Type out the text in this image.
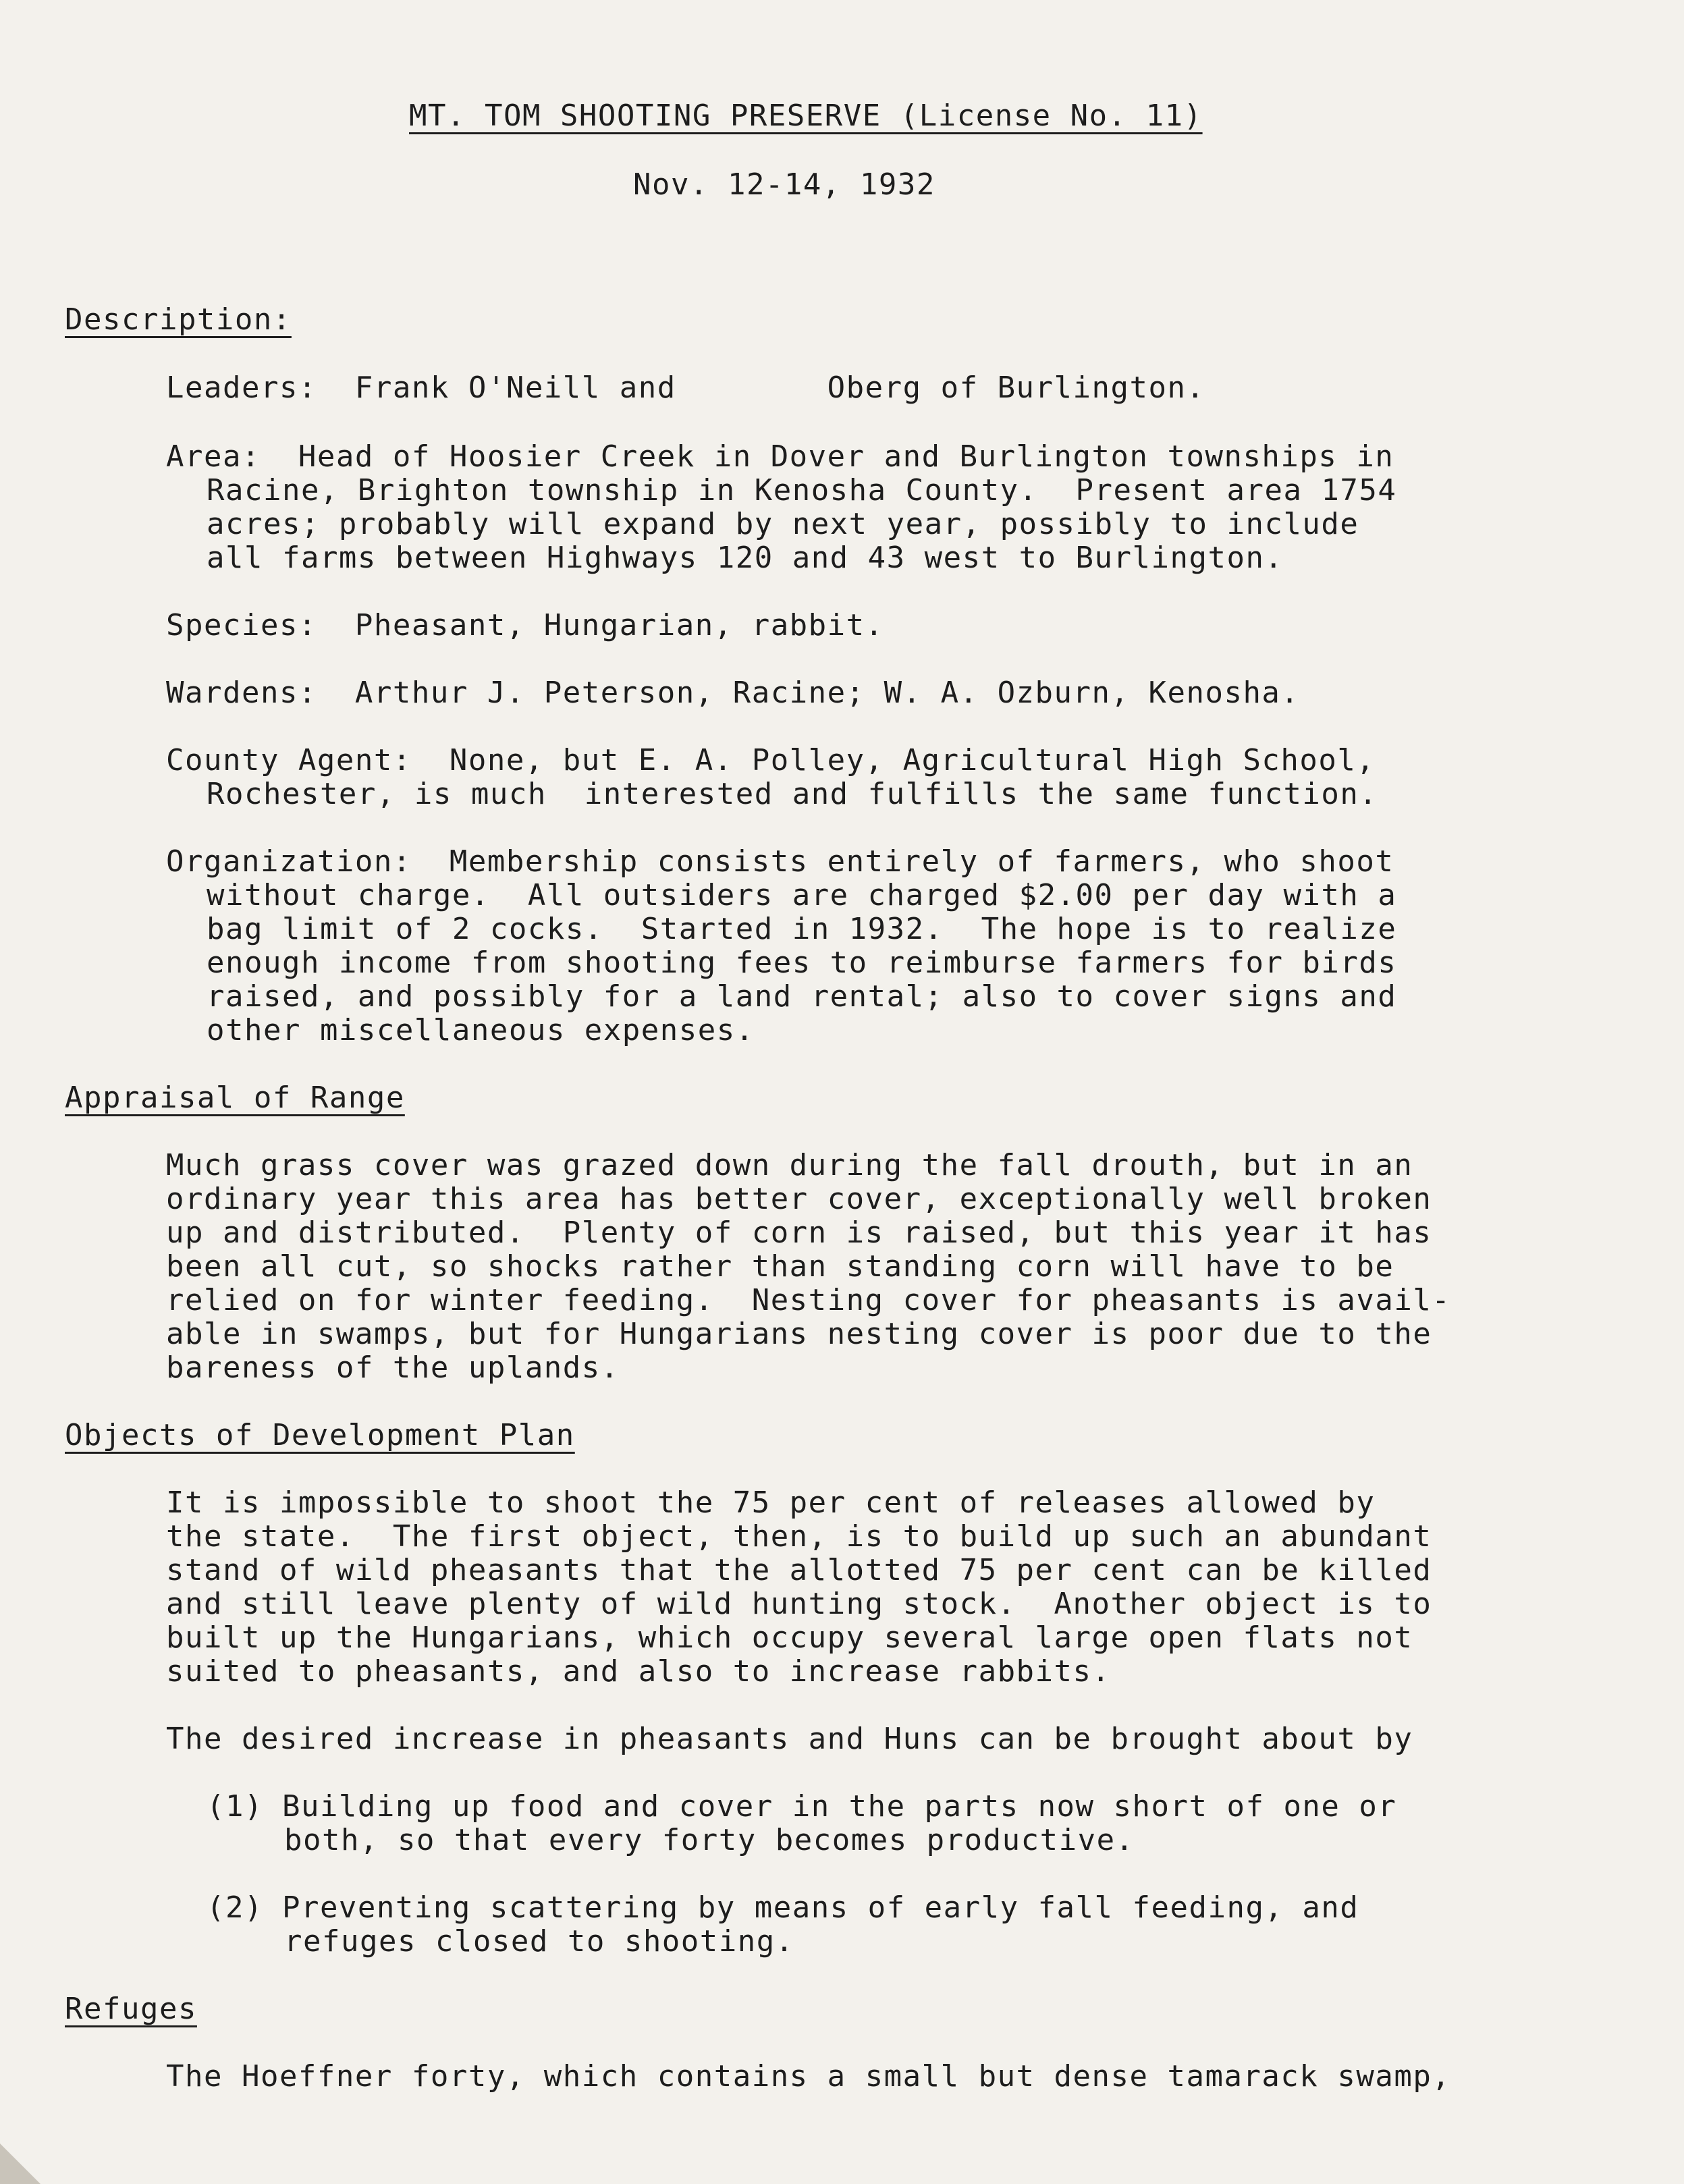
MT. TOM SHOOTING PRESERVE (License No. 11)
Nov. 12-14, 1932
Description:
Leaders:  Frank O'Neill and        Oberg of Burlington.
Area:  Head of Hoosier Creek in Dover and Burlington townships in
Racine, Brighton township in Kenosha County.  Present area 1754
acres; probably will expand by next year, possibly to include
all farms between Highways 120 and 43 west to Burlington.
Species:  Pheasant, Hungarian, rabbit.
Wardens:  Arthur J. Peterson, Racine; W. A. Ozburn, Kenosha.
County Agent:  None, but E. A. Polley, Agricultural High School,
Rochester, is much  interested and fulfills the same function.
Organization:  Membership consists entirely of farmers, who shoot
without charge.  All outsiders are charged $2.00 per day with a
bag limit of 2 cocks.  Started in 1932.  The hope is to realize
enough income from shooting fees to reimburse farmers for birds
raised, and possibly for a land rental; also to cover signs and
other miscellaneous expenses.
Appraisal of Range
Much grass cover was grazed down during the fall drouth, but in an
ordinary year this area has better cover, exceptionally well broken
up and distributed.  Plenty of corn is raised, but this year it has
been all cut, so shocks rather than standing corn will have to be
relied on for winter feeding.  Nesting cover for pheasants is avail-
able in swamps, but for Hungarians nesting cover is poor due to the
bareness of the uplands.
Objects of Development Plan
It is impossible to shoot the 75 per cent of releases allowed by
the state.  The first object, then, is to build up such an abundant
stand of wild pheasants that the allotted 75 per cent can be killed
and still leave plenty of wild hunting stock.  Another object is to
built up the Hungarians, which occupy several large open flats not
suited to pheasants, and also to increase rabbits.
The desired increase in pheasants and Huns can be brought about by
(1) Building up food and cover in the parts now short of one or
both, so that every forty becomes productive.
(2) Preventing scattering by means of early fall feeding, and
refuges closed to shooting.
Refuges
The Hoeffner forty, which contains a small but dense tamarack swamp,
